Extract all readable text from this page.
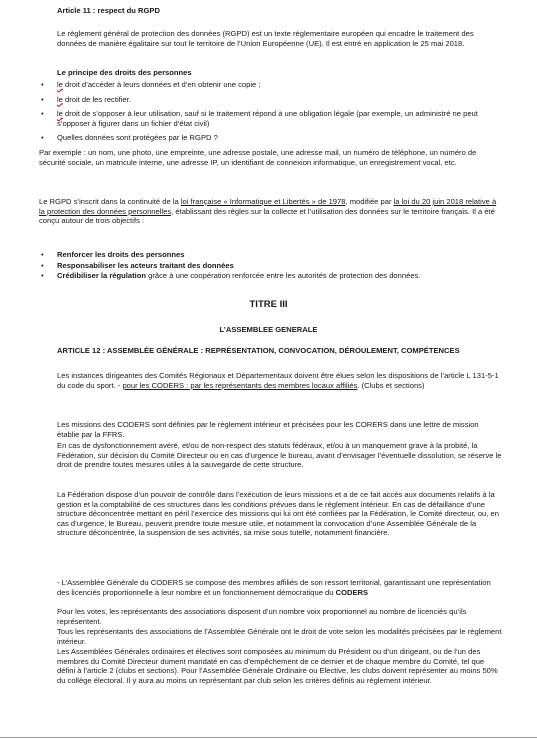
Article 11 : respect du RGPD

Le règlement général de protection des données (RGPD) est un texte règlementaire européen qui encadre le traitement des données de manière égalitaire sur tout le territoire de l’Union Européenne (UE). Il est entré en application le 25 mai 2018.

Le principe des droits des personnes

• le droit d’accéder à leurs données et d’en obtenir une copie ;
• le droit de les rectifier.
• le droit de s’opposer à leur utilisation, sauf si le traitement répond à une obligation légale (par exemple, un administré ne peut s’opposer à figurer dans un fichier d’état civil)
• Quelles données sont protégées par le RGPD ?

Par exemple : un nom, une photo, une empreinte, une adresse postale, une adresse mail, un numéro de téléphone, un numéro de sécurité sociale, un matricule interne, une adresse IP, un identifiant de connexion informatique, un enregistrement vocal, etc.

Le RGPD s’inscrit dans la continuité de la loi française « Informatique et Libertés » de 1978, modifiée par la loi du 20 juin 2018 relative à la protection des données personnelles, établissant des règles sur la collecte et l’utilisation des données sur le territoire français. Il a été conçu autour de trois objectifs :

• Renforcer les droits des personnes
• Responsabiliser les acteurs traitant des données
• Crédibiliser la régulation grâce à une coopération renforcée entre les autorités de protection des données.

TITRE III

L’ASSEMBLEE GENERALE

ARTICLE 12 : ASSEMBLÉE GÉNÉRALE : REPRÉSENTATION, CONVOCATION, DÉROULEMENT, COMPÉTENCES

Les instances dirigeantes des Comités Régionaux et Départementaux doivent être élues selon les dispositions de l’article L 131-5-1 du code du sport. - pour les CODERS : par les représentants des membres locaux affiliés. (Clubs et sections)

Les missions des CODERS sont définies par le règlement intérieur et précisées pour les CORERS dans une lettre de mission établie par la FFRS.

En cas de dysfonctionnement avéré, et/ou de non-respect des statuts fédéraux, et/ou à un manquement grave à la probité, la Fédération, sur décision du Comité Directeur ou en cas d’urgence le bureau, avant d’envisager l’éventuelle dissolution, se réserve le droit de prendre toutes mesures utiles à la sauvegarde de cette structure.

La Fédération dispose d’un pouvoir de contrôle dans l’exécution de leurs missions et a de ce fait accès aux documents relatifs à la gestion et la comptabilité de ces structures dans les conditions prévues dans le règlement intérieur. En cas de défaillance d’une structure déconcentrée mettant en péril l’exercice des missions qui lui ont été confiées par la Fédération, le Comité directeur, ou, en cas d’urgence, le Bureau, peuvent prendre toute mesure utile, et notamment la convocation d’une Assemblée Générale de la structure déconcentrée, la suspension de ses activités, sa mise sous tutelle, notamment financière.

- L’Assemblée Générale du CODERS se compose des membres affiliés de son ressort territorial, garantissant une représentation des licenciés proportionnelle à leur nombre et un fonctionnement démocratique du CODERS

Pour les votes, les représentants des associations disposent d’un nombre voix proportionnel au nombre de licenciés qu’ils représentent.

Tous les représentants des associations de l’Assemblée Générale ont le droit de vote selon les modalités précisées par le règlement intérieur.

Les Assemblées Générales ordinaires et électives sont composées au minimum du Président ou d’un dirigeant, ou de l’un des membres du Comité Directeur dument mandaté en cas d’empêchement de ce dernier et de chaque membre du Comité, tel que défini à l’article 2 (clubs et sections). Pour l’Assemblée Générale Ordinaire ou Elective, les clubs doivent représenter au moins 50% du collège électoral. Il y aura au moins un représentant par club selon les critères définis au règlement intérieur.
